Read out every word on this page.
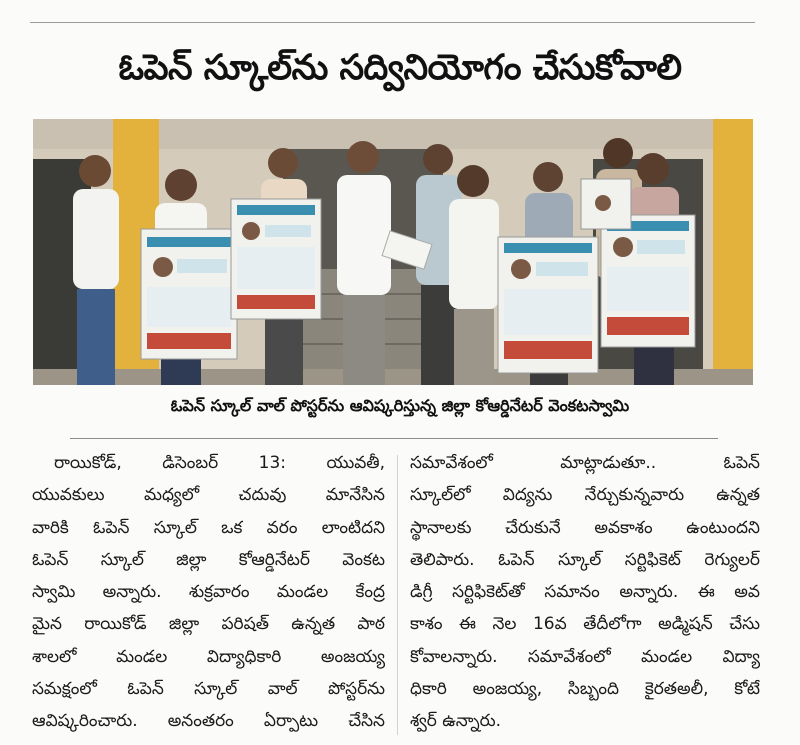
ఓపెన్ స్కూల్‌ను సద్వినియోగం చేసుకోవాలి
ఓపెన్ స్కూల్ వాల్ పోస్టర్‌ను ఆవిష్కరిస్తున్న జిల్లా కోఆర్డినేటర్ వెంకటస్వామి
రాయికోడ్, డిసెంబర్ 13: యువతీ,
యువకులు మధ్యలో చదువు మానేసిన
వారికి ఓపెన్ స్కూల్ ఒక వరం లాంటిదని
ఓపెన్ స్కూల్ జిల్లా కోఆర్డినేటర్ వెంకట
స్వామి అన్నారు. శుక్రవారం మండల కేంద్ర
మైన రాయికోడ్ జిల్లా పరిషత్ ఉన్నత పాఠ
శాలలో మండల విద్యాధికారి అంజయ్య
సమక్షంలో ఓపెన్ స్కూల్ వాల్ పోస్టర్‌ను
ఆవిష్కరించారు. అనంతరం ఏర్పాటు చేసిన
సమావేశంలో మాట్లాడుతూ.. ఓపెన్
స్కూల్‌లో విద్యను నేర్చుకున్నవారు ఉన్నత
స్థానాలకు చేరుకునే అవకాశం ఉంటుందని
తెలిపారు. ఓపెన్ స్కూల్ సర్టిఫికెట్ రెగ్యులర్
డిగ్రీ సర్టిఫికెట్‌తో సమానం అన్నారు. ఈ అవ
కాశం ఈ నెల 16వ తేదీలోగా అడ్మిషన్ చేసు
కోవాలన్నారు. సమావేశంలో మండల విద్యా
ధికారి అంజయ్య, సిబ్బంది కైరతఅలీ, కోటే
శ్వర్ ఉన్నారు.
